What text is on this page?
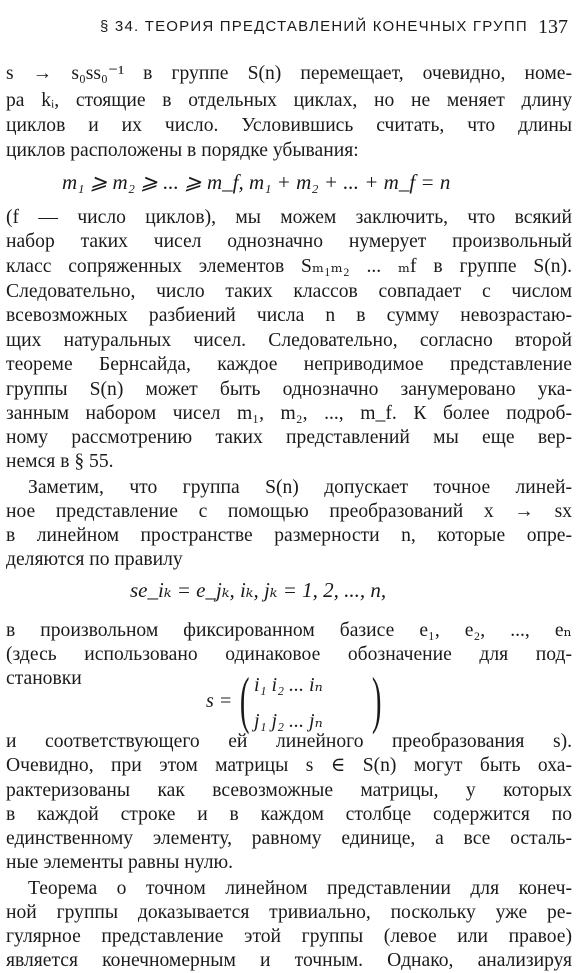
§ 34. ТЕОРИЯ ПРЕДСТАВЛЕНИЙ КОНЕЧНЫХ ГРУПП 137
s → s₀ss₀⁻¹ в группе S(n) перемещает, очевидно, номе-
ра kᵢ, стоящие в отдельных циклах, но не меняет длину
циклов и их число. Условившись считать, что длины
циклов расположены в порядке убывания:
m₁ ⩾ m₂ ⩾ ... ⩾ m_f, m₁ + m₂ + ... + m_f = n
(f — число циклов), мы можем заключить, что всякий
набор таких чисел однозначно нумерует произвольный
класс сопряженных элементов Sₘ₁ₘ₂ ... ₘf в группе S(n).
Следовательно, число таких классов совпадает с числом
всевозможных разбиений числа n в сумму невозрастаю-
щих натуральных чисел. Следовательно, согласно второй
теореме Бернсайда, каждое неприводимое представление
группы S(n) может быть однозначно занумеровано ука-
занным набором чисел m₁, m₂, ..., m_f. К более подроб-
ному рассмотрению таких представлений мы еще вер-
немся в § 55.
Заметим, что группа S(n) допускает точное линей-
ное представление с помощью преобразований x → sx
в линейном пространстве размерности n, которые опре-
деляются по правилу
se_iₖ = e_jₖ, iₖ, jₖ = 1, 2, ..., n,
в произвольном фиксированном базисе e₁, e₂, ..., eₙ
(здесь использовано одинаковое обозначение для под-
становки
s = ( i₁ i₂ ... iₙ
j₁ j₂ ... jₙ )
и соответствующего ей линейного преобразования s).
Очевидно, при этом матрицы s ∈ S(n) могут быть оха-
рактеризованы как всевозможные матрицы, у которых
в каждой строке и в каждом столбце содержится по
единственному элементу, равному единице, а все осталь-
ные элементы равны нулю.
Теорема о точном линейном представлении для конеч-
ной группы доказывается тривиально, поскольку уже ре-
гулярное представление этой группы (левое или правое)
является конечномерным и точным. Однако, анализируя
